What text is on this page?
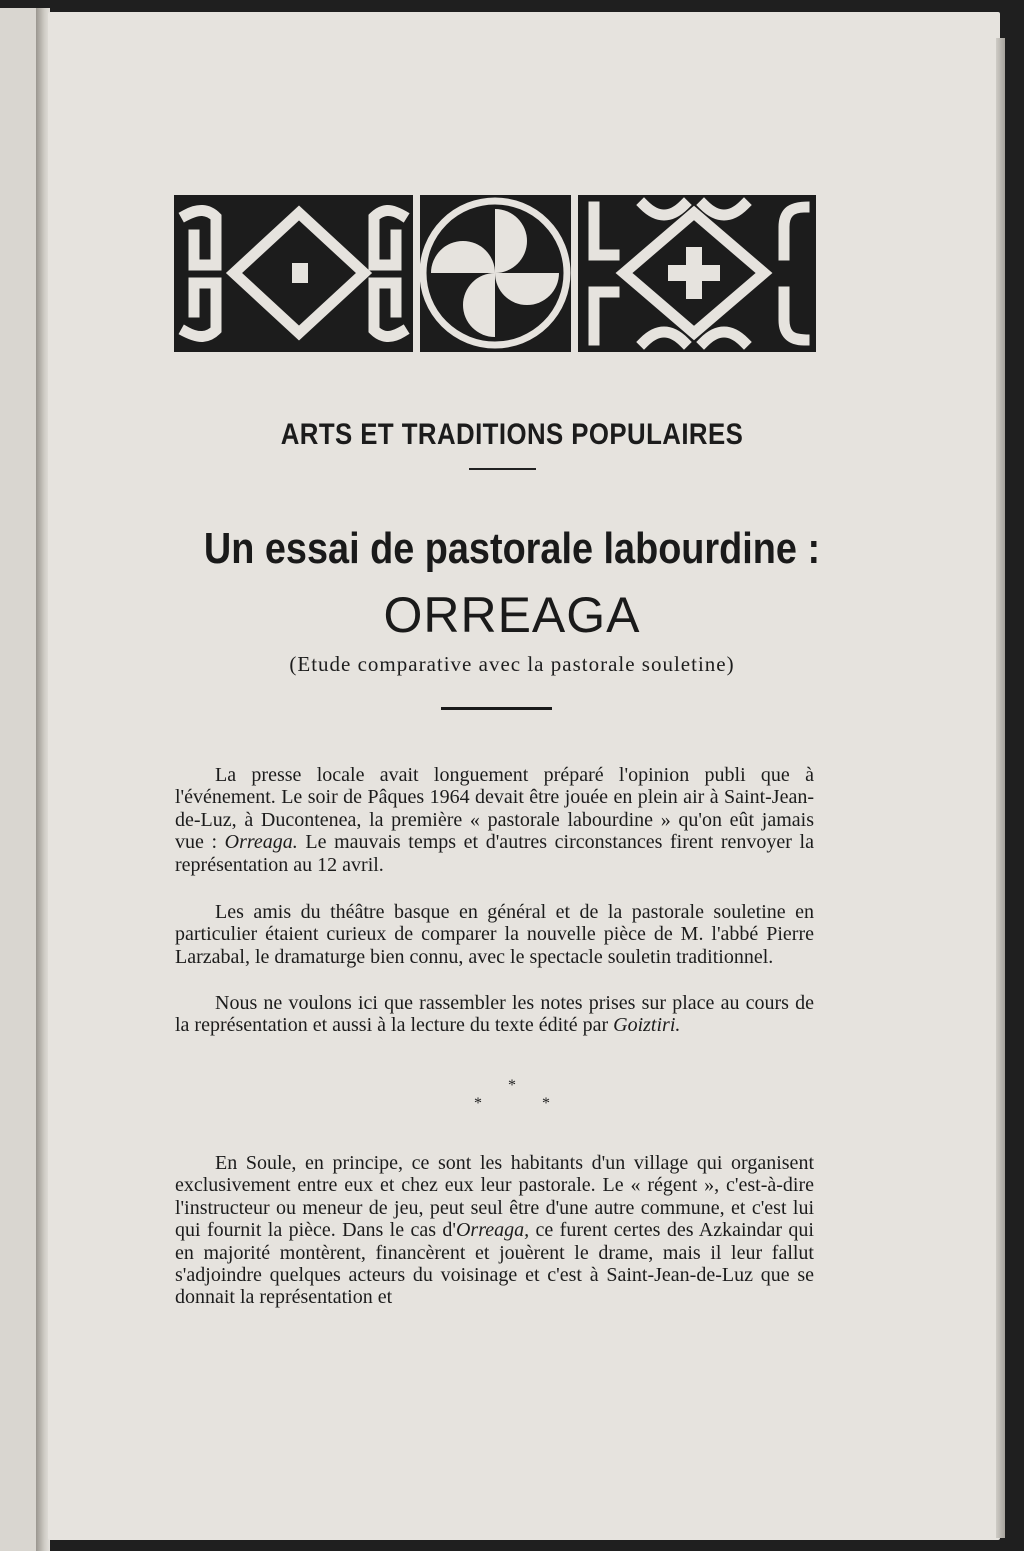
ARTS ET TRADITIONS POPULAIRES
Un essai de pastorale labourdine :
ORREAGA
(Etude comparative avec la pastorale souletine)

La presse locale avait longuement préparé l'opinion publi que à l'événement. Le soir de Pâques 1964 devait être jouée en plein air à Saint-Jean-de-Luz, à Ducontenea, la première « pastorale labourdine » qu'on eût jamais vue : Orreaga. Le mauvais temps et d'autres circonstances firent renvoyer la représentation au 12 avril.

Les amis du théâtre basque en général et de la pastorale souletine en particulier étaient curieux de comparer la nouvelle pièce de M. l'abbé Pierre Larzabal, le dramaturge bien connu, avec le spectacle souletin traditionnel.

Nous ne voulons ici que rassembler les notes prises sur place au cours de la représentation et aussi à la lecture du texte édité par Goiztiri.

*
* *

En Soule, en principe, ce sont les habitants d'un village qui organisent exclusivement entre eux et chez eux leur pastorale. Le « régent », c'est-à-dire l'instructeur ou meneur de jeu, peut seul être d'une autre commune, et c'est lui qui fournit la pièce. Dans le cas d'Orreaga, ce furent certes des Azkaindar qui en majorité montèrent, financèrent et jouèrent le drame, mais il leur fallut s'adjoindre quelques acteurs du voisinage et c'est à Saint-Jean-de-Luz que se donnait la représentation et
